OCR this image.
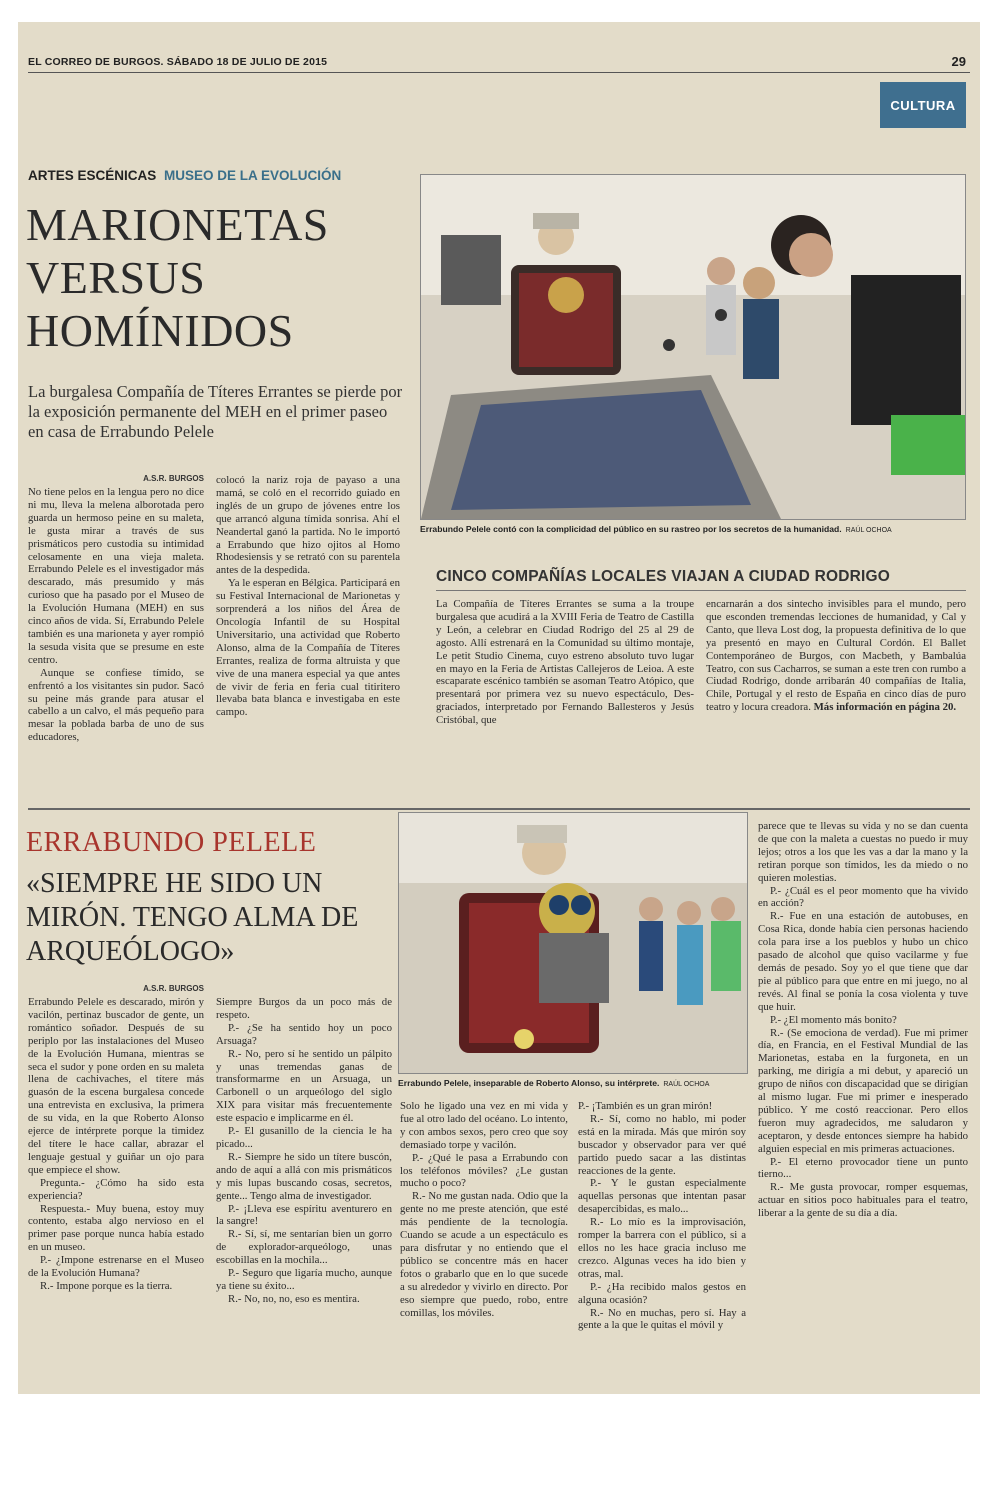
EL CORREO DE BURGOS. SÁBADO 18 DE JULIO DE 2015	29
CULTURA
ARTES ESCÉNICAS MUSEO DE LA EVOLUCIÓN
MARIONETAS
VERSUS
HOMÍNIDOS
La burgalesa Compañía de Títeres Errantes se pierde por la exposición permanente del MEH en el primer paseo en casa de Errabundo Pelele
Errabundo Pelele contó con la complicidad del público en su rastreo por los secretos de la humanidad. RAÚL OCHOA
A.S.R. BURGOS

No tiene pelos en la lengua pero no dice ni mu, lleva la melena alborotada pero guarda un hermoso peine en su maleta, le gusta mirar a través de sus prismáticos pero custodia su intimidad celosamente en una vieja maleta. Errabundo Pelele es el investigador más descarado, más presumido y más curioso que ha pasado por el Museo de la Evolución Humana (MEH) en sus cinco años de vida. Sí, Errabundo Pelele también es una marioneta y ayer rompió la sesuda visita que se presume en este centro.

Aunque se confiese tímido, se enfrentó a los visitantes sin pudor. Sacó su peine más grande para atusar el cabello a un calvo, el más pequeño para mesar la poblada barba de uno de sus educadores,

colocó la nariz roja de payaso a una mamá, se coló en el recorrido guiado en inglés de un grupo de jóvenes entre los que arrancó alguna tímida sonrisa. Ahí el Neandertal ganó la partida. No le importó a Errabundo que hizo ojitos al Homo Rhodesiensis y se retrató con su parentela antes de la despedida.

Ya le esperan en Bélgica. Participará en su Festival Internacional de Marionetas y sorprenderá a los niños del Área de Oncología Infantil de su Hospital Universitario, una actividad que Roberto Alonso, alma de la Compañía de Títeres Errantes, realiza de forma altruista y que vive de una manera especial ya que antes de vivir de feria en feria cual titiritero llevaba bata blanca e investigaba en este campo.

CINCO COMPAÑÍAS LOCALES VIAJAN A CIUDAD RODRIGO

La Compañía de Títeres Errantes se suma a la troupe burgalesa que acudirá a la XVIII Feria de Teatro de Castilla y León, a celebrar en Ciudad Rodrigo del 25 al 29 de agosto. Allí estrenará en la Comunidad su último montaje, Le petit Studio Cinema, cuyo estreno absoluto tuvo lugar en mayo en la Feria de Artistas Callejeros de Leioa. A este escaparate escénico también se asoman Teatro Atópico, que presentará por primera vez su nuevo espectáculo, Des-graciados, interpretado por Fernando Ballesteros y Jesús Cristóbal, que

encarnarán a dos sintecho invisibles para el mundo, pero que esconden tremendas lecciones de humanidad, y Cal y Canto, que lleva Lost dog, la propuesta definitiva de lo que ya presentó en mayo en Cultural Cordón. El Ballet Contemporáneo de Burgos, con Macbeth, y Bambalúa Teatro, con sus Cacharros, se suman a este tren con rumbo a Ciudad Rodrigo, donde arribarán 40 compañías de Italia, Chile, Portugal y el resto de España en cinco días de puro teatro y locura creadora. Más información en página 20.

ERRABUNDO PELELE
«SIEMPRE HE SIDO UN MIRÓN. TENGO ALMA DE ARQUEÓLOGO»
Errabundo Pelele, inseparable de Roberto Alonso, su intérprete. RAÚL OCHOA
A.S.R. BURGOS

Errabundo Pelele es descarado, mirón y vacilón, pertinaz buscador de gente, un romántico soñador. Después de su periplo por las instalaciones del Museo de la Evolución Humana, mientras se seca el sudor y pone orden en su maleta llena de cachivaches, el títere más guasón de la escena burgalesa concede una entrevista en exclusiva, la primera de su vida, en la que Roberto Alonso ejerce de intérprete porque la timidez del títere le hace callar, abrazar el lenguaje gestual y guiñar un ojo para que empiece el show.

Pregunta.- ¿Cómo ha sido esta experiencia?

Respuesta.- Muy buena, estoy muy contento, estaba algo nervioso en el primer pase porque nunca había estado en un museo.

P.- ¿Impone estrenarse en el Museo de la Evolución Humana?

R.- Impone porque es la tierra.

Siempre Burgos da un poco más de respeto.

P.- ¿Se ha sentido hoy un poco Arsuaga?

R.- No, pero sí he sentido un pálpito y unas tremendas ganas de transformarme en un Arsuaga, un Carbonell o un arqueólogo del siglo XIX para visitar más frecuentemente este espacio e implicarme en él.

P.- El gusanillo de la ciencia le ha picado...

R.- Siempre he sido un títere buscón, ando de aquí a allá con mis prismáticos y mis lupas buscando cosas, secretos, gente... Tengo alma de investigador.

P.- ¡Lleva ese espíritu aventurero en la sangre!

R.- Sí, sí, me sentarían bien un gorro de explorador-arqueólogo, unas escobillas en la mochila...

P.- Seguro que ligaría mucho, aunque ya tiene su éxito...

R.- No, no, no, eso es mentira.

Solo he ligado una vez en mi vida y fue al otro lado del océano. Lo intento, y con ambos sexos, pero creo que soy demasiado torpe y vacilón.

P.- ¿Qué le pasa a Errabundo con los teléfonos móviles? ¿Le gustan mucho o poco?

R.- No me gustan nada. Odio que la gente no me preste atención, que esté más pendiente de la tecnología. Cuando se acude a un espectáculo es para disfrutar y no entiendo que el público se concentre más en hacer fotos o grabarlo que en lo que sucede a su alrededor y vivirlo en directo. Por eso siempre que puedo, robo, entre comillas, los móviles.

P.- ¡También es un gran mirón!

R.- Sí, como no hablo, mi poder está en la mirada. Más que mirón soy buscador y observador para ver qué partido puedo sacar a las distintas reacciones de la gente.

P.- Y le gustan especialmente aquellas personas que intentan pasar desapercibidas, es malo...

R.- Lo mío es la improvisación, romper la barrera con el público, si a ellos no les hace gracia incluso me crezco. Algunas veces ha ido bien y otras, mal.

P.- ¿Ha recibido malos gestos en alguna ocasión?

R.- No en muchas, pero sí. Hay a gente a la que le quitas el móvil y

parece que te llevas su vida y no se dan cuenta de que con la maleta a cuestas no puedo ir muy lejos; otros a los que les vas a dar la mano y la retiran porque son tímidos, les da miedo o no quieren molestias.

P.- ¿Cuál es el peor momento que ha vivido en acción?

R.- Fue en una estación de autobuses, en Cosa Rica, donde había cien personas haciendo cola para irse a los pueblos y hubo un chico pasado de alcohol que quiso vacilarme y fue demás de pesado. Soy yo el que tiene que dar pie al público para que entre en mi juego, no al revés. Al final se ponía la cosa violenta y tuve que huir.

P.- ¿El momento más bonito?

R.- (Se emociona de verdad). Fue mi primer día, en Francia, en el Festival Mundial de las Marionetas, estaba en la furgoneta, en un parking, me dirigía a mi debut, y apareció un grupo de niños con discapacidad que se dirigían al mismo lugar. Fue mi primer e inesperado público. Y me costó reaccionar. Pero ellos fueron muy agradecidos, me saludaron y aceptaron, y desde entonces siempre ha habido alguien especial en mis primeras actuaciones.

P.- El eterno provocador tiene un punto tierno...

R.- Me gusta provocar, romper esquemas, actuar en sitios poco habituales para el teatro, liberar a la gente de su día a día.
